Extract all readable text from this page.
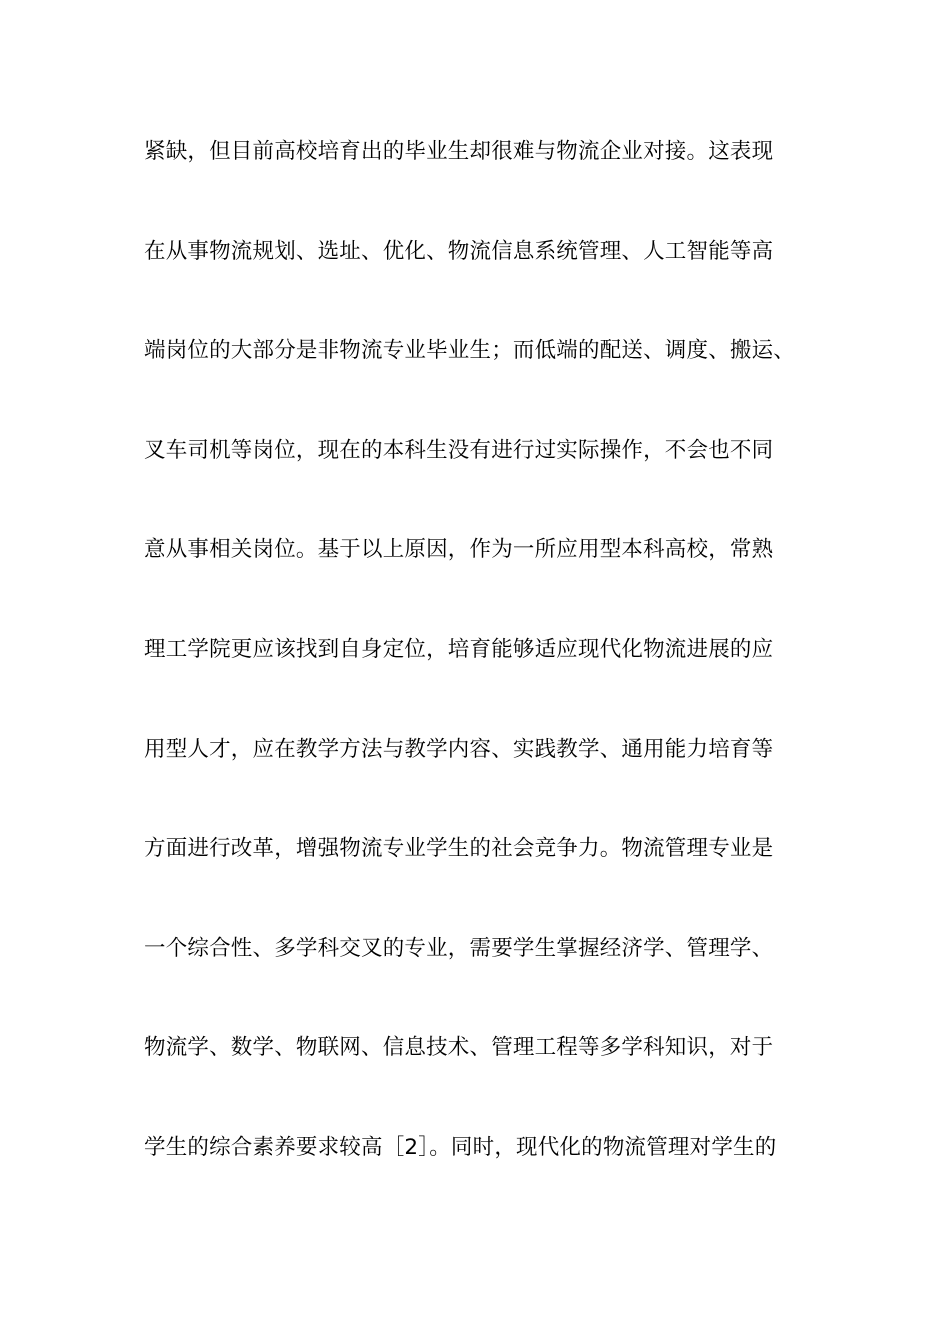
紧缺，但目前高校培育出的毕业生却很难与物流企业对接。这表现
在从事物流规划、选址、优化、物流信息系统管理、人工智能等高
端岗位的大部分是非物流专业毕业生；而低端的配送、调度、搬运、
叉车司机等岗位，现在的本科生没有进行过实际操作，不会也不同
意从事相关岗位。基于以上原因，作为一所应用型本科高校，常熟
理工学院更应该找到自身定位，培育能够适应现代化物流进展的应
用型人才，应在教学方法与教学内容、实践教学、通用能力培育等
方面进行改革，增强物流专业学生的社会竞争力。物流管理专业是
一个综合性、多学科交叉的专业，需要学生掌握经济学、管理学、
物流学、数学、物联网、信息技术、管理工程等多学科知识，对于
学生的综合素养要求较高［2］。同时，现代化的物流管理对学生的
